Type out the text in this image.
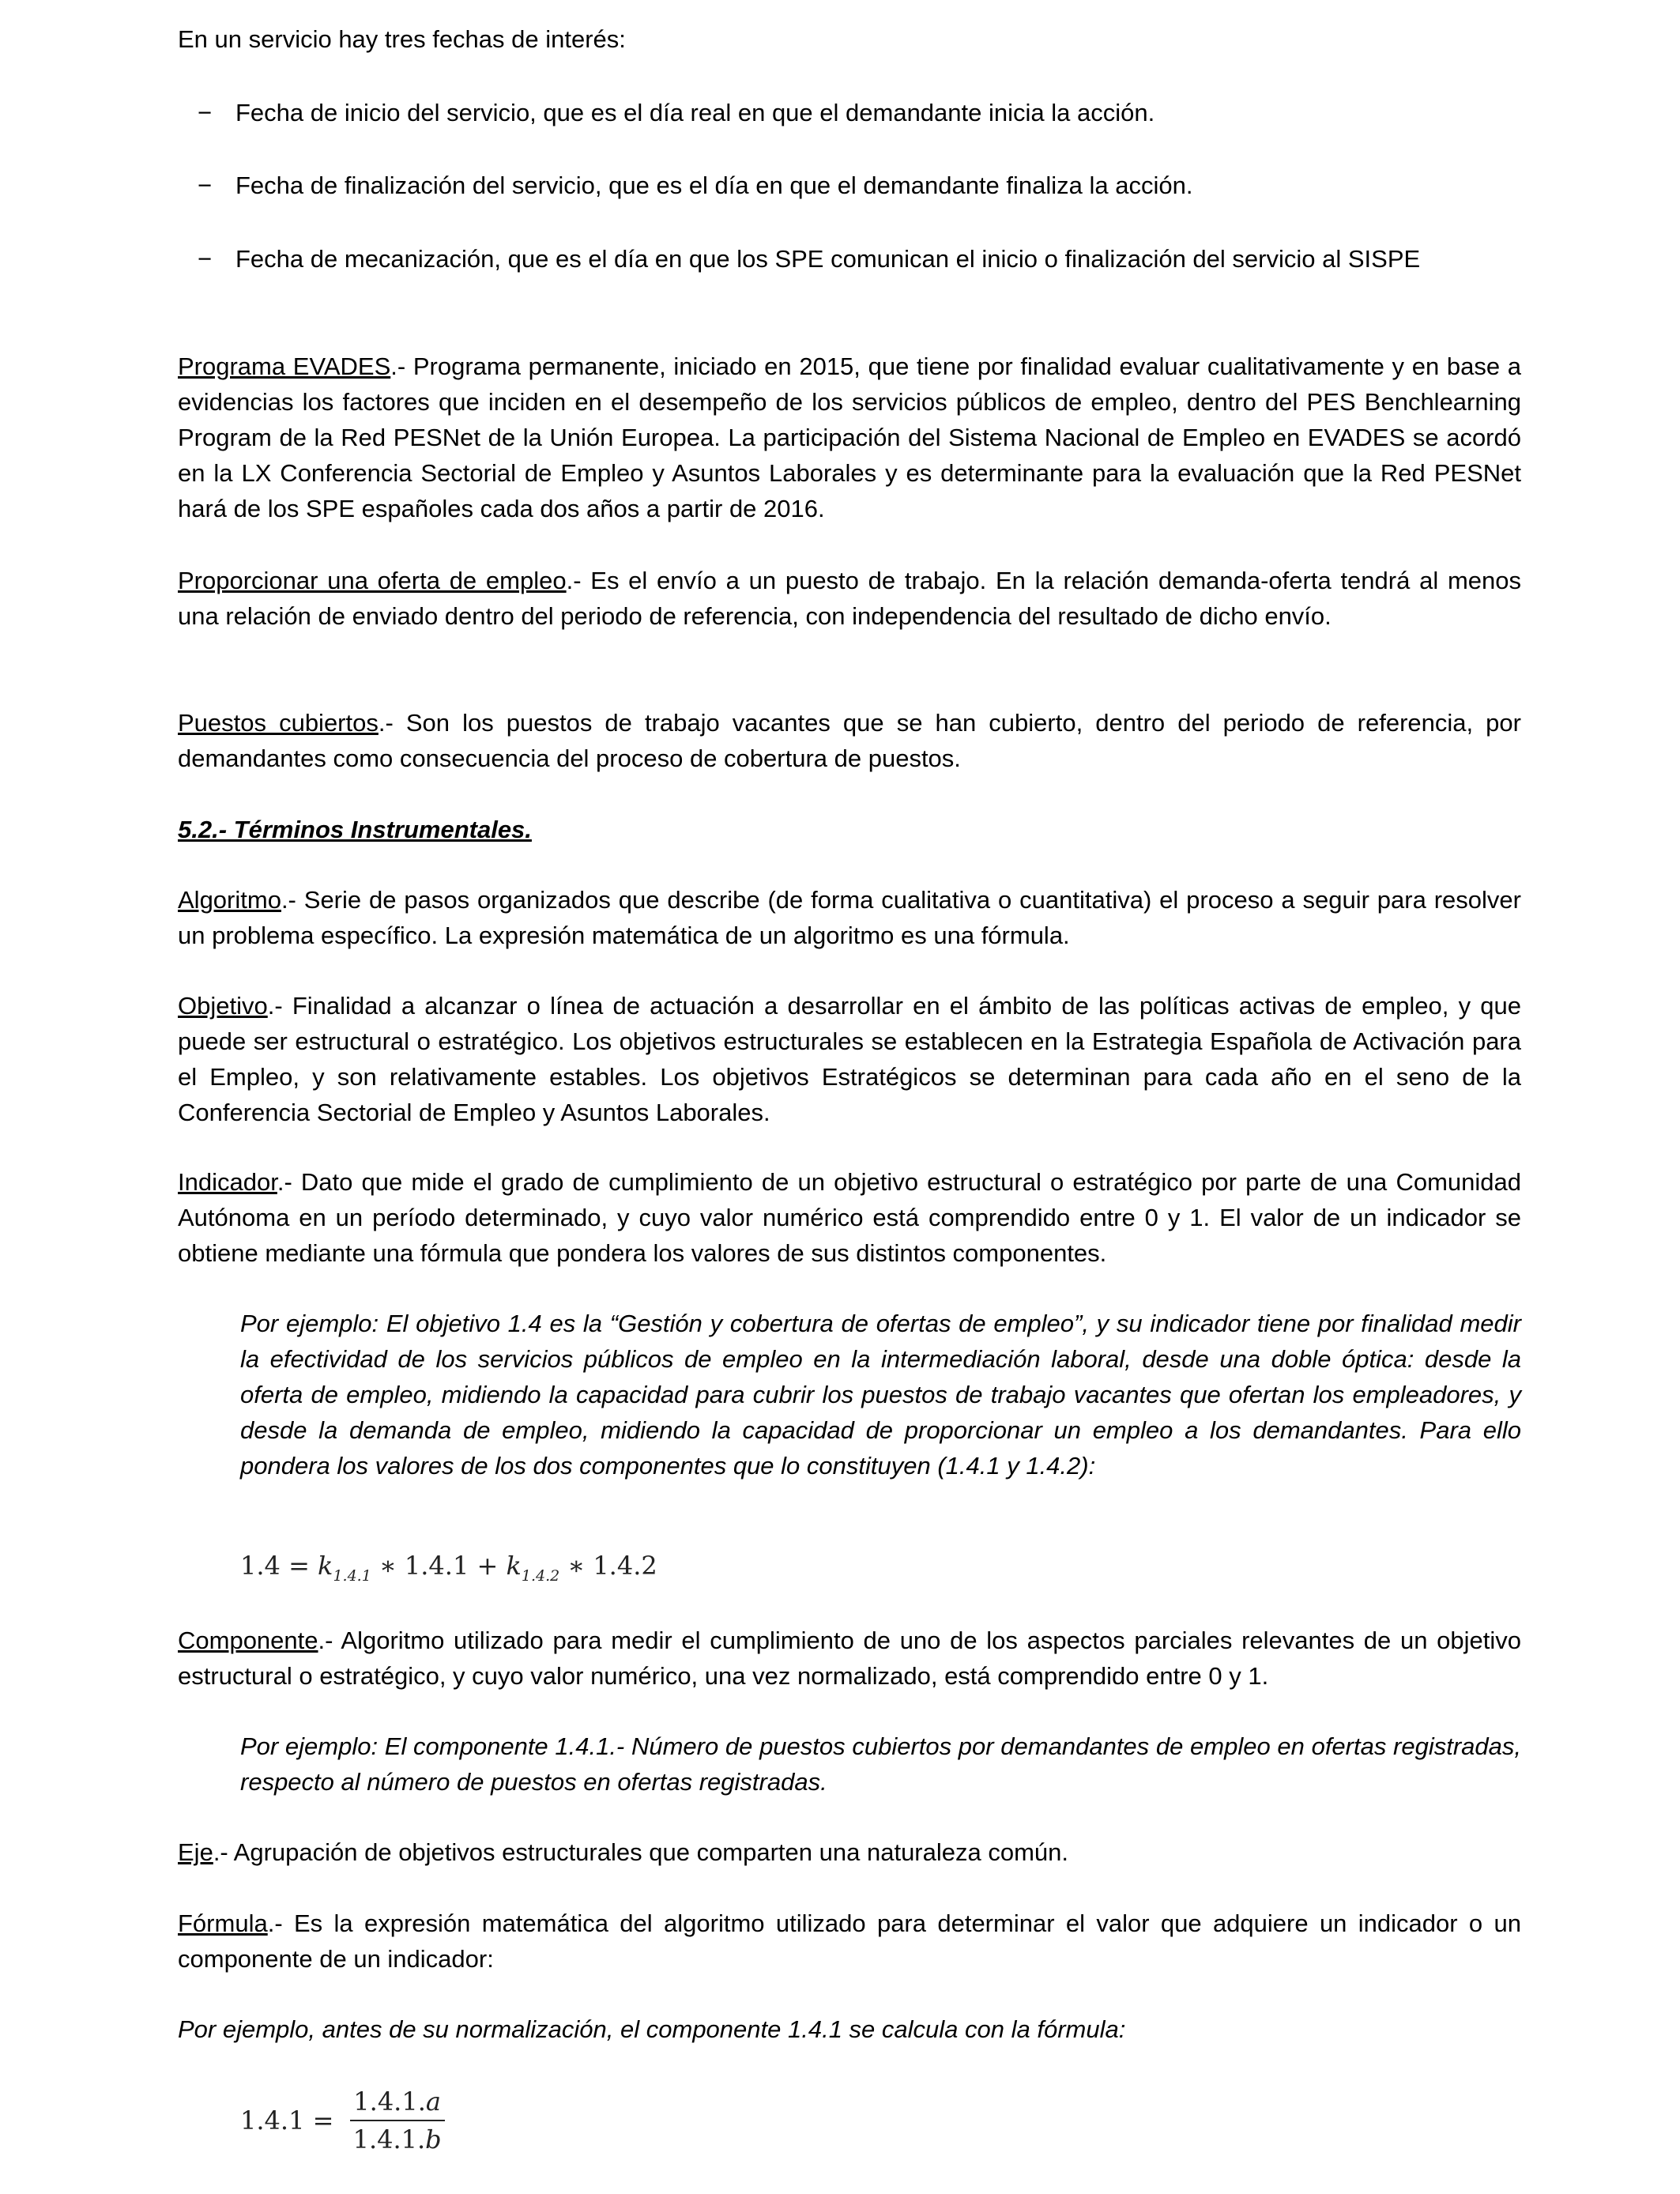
En un servicio hay tres fechas de interés:
− Fecha de inicio del servicio, que es el día real en que el demandante inicia la acción.
− Fecha de finalización del servicio, que es el día en que el demandante finaliza la acción.
− Fecha de mecanización, que es el día en que los SPE comunican el inicio o finalización del servicio al SISPE
Programa EVADES.- Programa permanente, iniciado en 2015, que tiene por finalidad evaluar cualitativamente y en base a evidencias los factores que inciden en el desempeño de los servicios públicos de empleo, dentro del PES Benchlearning Program de la Red PESNet de la Unión Europea. La participación del Sistema Nacional de Empleo en EVADES se acordó en la LX Conferencia Sectorial de Empleo y Asuntos Laborales y es determinante para la evaluación que la Red PESNet hará de los SPE españoles cada dos años a partir de 2016.
Proporcionar una oferta de empleo.- Es el envío a un puesto de trabajo. En la relación demanda-oferta tendrá al menos una relación de enviado dentro del periodo de referencia, con independencia del resultado de dicho envío.
Puestos cubiertos.- Son los puestos de trabajo vacantes que se han cubierto, dentro del periodo de referencia, por demandantes como consecuencia del proceso de cobertura de puestos.
5.2.- Términos Instrumentales.
Algoritmo.- Serie de pasos organizados que describe (de forma cualitativa o cuantitativa) el proceso a seguir para resolver un problema específico. La expresión matemática de un algoritmo es una fórmula.
Objetivo.- Finalidad a alcanzar o línea de actuación a desarrollar en el ámbito de las políticas activas de empleo, y que puede ser estructural o estratégico. Los objetivos estructurales se establecen en la Estrategia Española de Activación para el Empleo, y son relativamente estables. Los objetivos Estratégicos se determinan para cada año en el seno de la Conferencia Sectorial de Empleo y Asuntos Laborales.
Indicador.- Dato que mide el grado de cumplimiento de un objetivo estructural o estratégico por parte de una Comunidad Autónoma en un período determinado, y cuyo valor numérico está comprendido entre 0 y 1. El valor de un indicador se obtiene mediante una fórmula que pondera los valores de sus distintos componentes.
Por ejemplo: El objetivo 1.4 es la “Gestión y cobertura de ofertas de empleo”, y su indicador tiene por finalidad medir la efectividad de los servicios públicos de empleo en la intermediación laboral, desde una doble óptica: desde la oferta de empleo, midiendo la capacidad para cubrir los puestos de trabajo vacantes que ofertan los empleadores, y desde la demanda de empleo, midiendo la capacidad de proporcionar un empleo a los demandantes. Para ello pondera los valores de los dos componentes que lo constituyen (1.4.1 y 1.4.2):
$1.4 = k_{1.4.1}$ ∗ $1.4.1 + k_{1.4.2}$ ∗ 1.4.2
Componente.- Algoritmo utilizado para medir el cumplimiento de uno de los aspectos parciales relevantes de un objetivo estructural o estratégico, y cuyo valor numérico, una vez normalizado, está comprendido entre 0 y 1.
Por ejemplo: El componente 1.4.1.- Número de puestos cubiertos por demandantes de empleo en ofertas registradas, respecto al número de puestos en ofertas registradas.
Eje.- Agrupación de objetivos estructurales que comparten una naturaleza común.
Fórmula.- Es la expresión matemática del algoritmo utilizado para determinar el valor que adquiere un indicador o un componente de un indicador:
Por ejemplo, antes de su normalización, el componente 1.4.1 se calcula con la fórmula:
$1.4.1 = \frac{1.4.1.a}{1.4.1.b}$
